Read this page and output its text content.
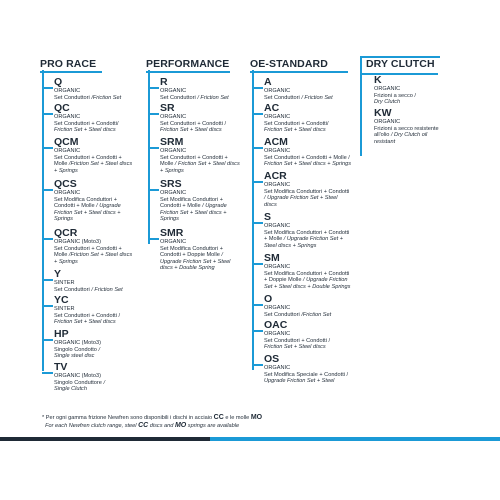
PRO RACE
Q
ORGANIC
Set Conduttori /Friction Set
QC
ORGANIC
Set Conduttori + Condotti/
Friction Set + Steel discs
QCM
ORGANIC
Set Conduttori + Condotti +
Molle /Friction Set + Steel discs
+ Springs
QCS
ORGANIC
Set Modifica Conduttori +
Condotti + Molle / Upgrade
Friction Set + Steel discs +
Springs
QCR
ORGANIC (Moto3)
Set Conduttori + Condotti +
Molle /Friction Set + Steel discs
+ Springs
Y
SINTER
Set Conduttori / Friction Set
YC
SINTER
Set Conduttori + Condotti /
Friction Set + Steel discs
HP
ORGANIC (Moto3)
Singolo Condotto /
Single steel disc
TV
ORGANIC (Moto3)
Singolo Conduttore /
Single Clutch
PERFORMANCE
R
ORGANIC
Set Conduttori / Friction Set
SR
ORGANIC
Set Conduttori + Condotti /
Friction Set + Steel discs
SRM
ORGANIC
Set Conduttori + Condotti +
Molle / Friction Set + Steel discs
+ Springs
SRS
ORGANIC
Set Modifica Conduttori +
Condotti + Molle / Upgrade
Friction Set + Steel discs +
Springs
SMR
ORGANIC
Set Modifica Conduttori +
Condotti + Doppie Molle /
Upgrade Friction Set + Steel
discs + Double Spring
OE-STANDARD
A
ORGANIC
Set Conduttori / Friction Set
AC
ORGANIC
Set Conduttori + Condotti/
Friction Set + Steel discs
ACM
ORGANIC
Set Conduttori + Condotti + Molle /
Friction Set + Steel discs + Springs
ACR
ORGANIC
Set Modifica Conduttori + Condotti
/ Upgrade Friction Set + Steel
discs
S
ORGANIC
Set Modifica Conduttori + Condotti
+ Molle / Upgrade Friction Set +
Steel discs + Springs
SM
ORGANIC
Set Modifica Conduttori + Condotti
+ Doppie Molle / Upgrade Friction
Set + Steel discs + Double Springs
O
ORGANIC
Set Conduttori /Friction Set
OAC
ORGANIC
Set Conduttori + Condotti /
Friction Set + Steel discs
OS
ORGANIC
Set Modifica Speciale + Condotti /
Upgrade Friction Set + Steel
DRY CLUTCH
K
ORGANIC
Frizioni a secco /
Dry Clutch
KW
ORGANIC
Frizioni a secco resistente
all'olio / Dry Clutch oil
resistant
* Per ogni gamma frizione Newfren sono disponibili i dischi in acciaio CC e le molle MO
For each Newfren clutch range, steel CC discs and MO springs are available
